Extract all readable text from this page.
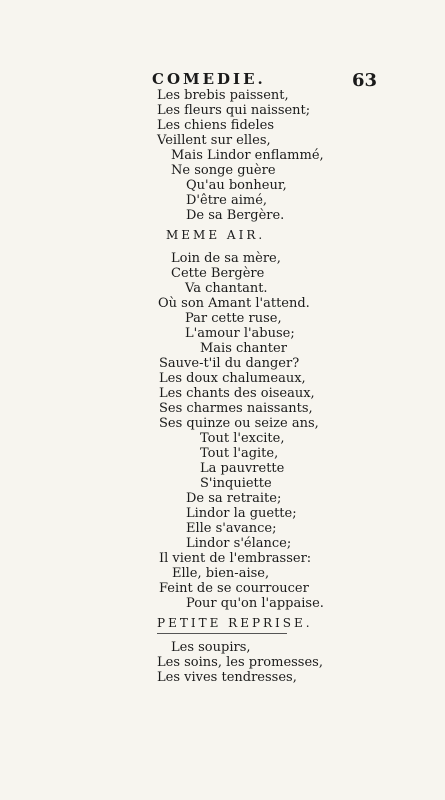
COMEDIE.	63
Les brebis paissent,
Les fleurs qui naissent;
Les chiens fideles
Veillent sur elles,
Mais Lindor enflammé,
Ne songe guère
Qu'au bonheur,
D'être aimé,
De sa Bergère.
MEME AIR.
Loin de sa mère,
Cette Bergère
Va chantant.
Où son Amant l'attend.
Par cette ruse,
L'amour l'abuse;
Mais chanter
Sauve-t'il du danger?
Les doux chalumeaux,
Les chants des oiseaux,
Ses charmes naissants,
Ses quinze ou seize ans,
Tout l'excite,
Tout l'agite,
La pauvrette
S'inquiette
De sa retraite;
Lindor la guette;
Elle s'avance;
Lindor s'élance;
Il vient de l'embrasser:
Elle, bien-aise,
Feint de se courroucer
Pour qu'on l'appaise.
PETITE REPRISE.
Les soupirs,
Les soins, les promesses,
Les vives tendresses,
